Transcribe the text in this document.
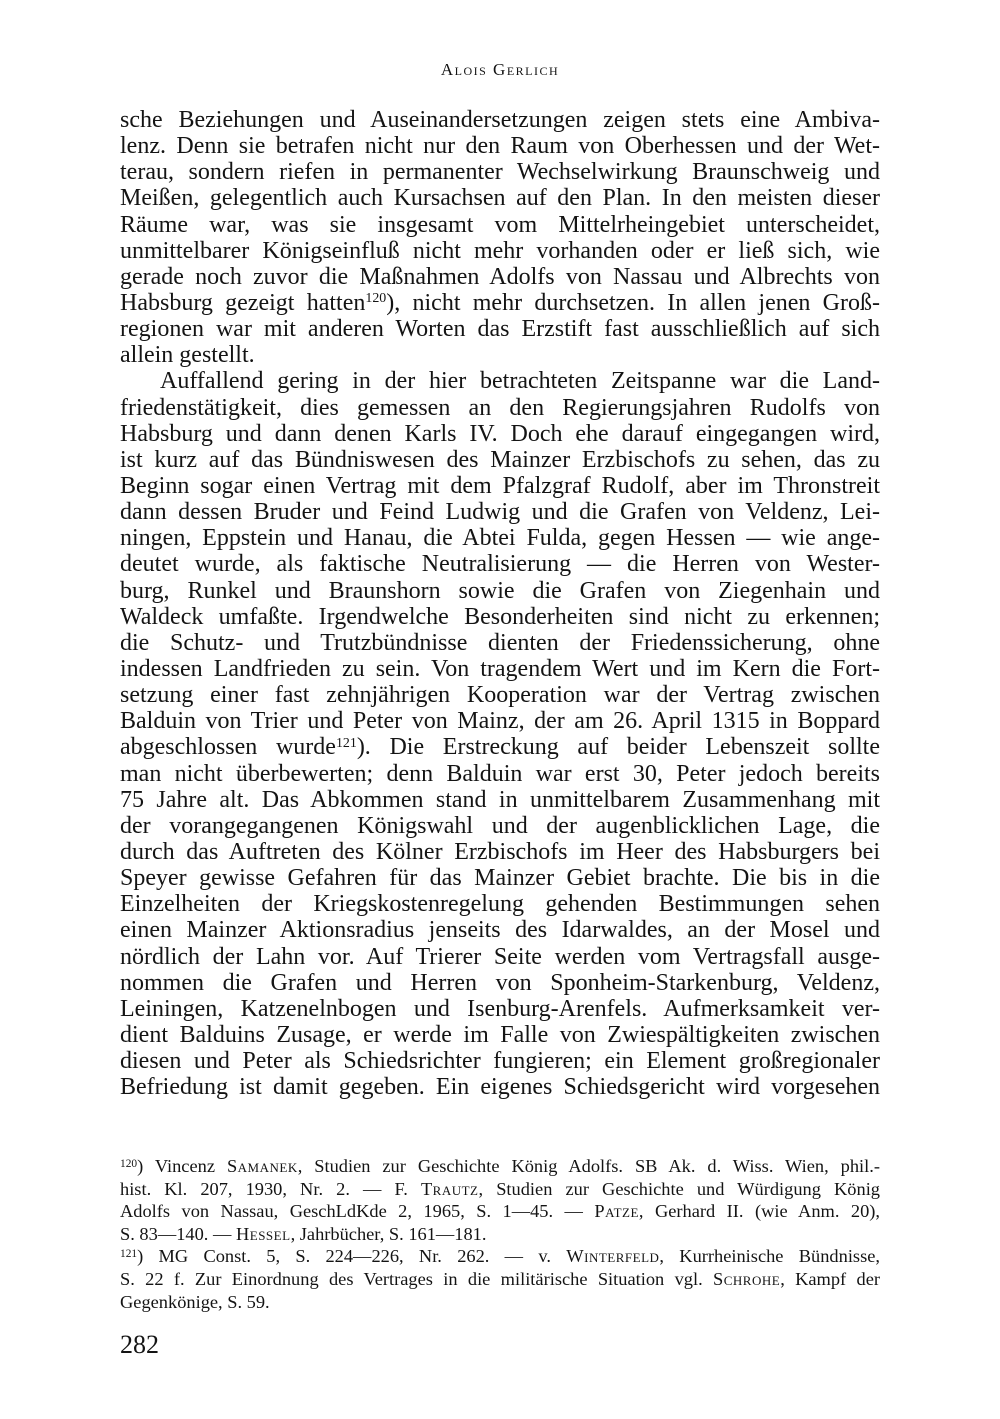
Alois Gerlich
sche Beziehungen und Auseinandersetzungen zeigen stets eine Ambiva-
lenz. Denn sie betrafen nicht nur den Raum von Oberhessen und der Wet-
terau, sondern riefen in permanenter Wechselwirkung Braunschweig und
Meißen, gelegentlich auch Kursachsen auf den Plan. In den meisten dieser
Räume war, was sie insgesamt vom Mittelrheingebiet unterscheidet,
unmittelbarer Königseinfluß nicht mehr vorhanden oder er ließ sich, wie
gerade noch zuvor die Maßnahmen Adolfs von Nassau und Albrechts von
Habsburg gezeigt hatten$^{120}$), nicht mehr durchsetzen. In allen jenen Groß-
regionen war mit anderen Worten das Erzstift fast ausschließlich auf sich
allein gestellt.
Auffallend gering in der hier betrachteten Zeitspanne war die Land-
friedenstätigkeit, dies gemessen an den Regierungsjahren Rudolfs von
Habsburg und dann denen Karls IV. Doch ehe darauf eingegangen wird,
ist kurz auf das Bündniswesen des Mainzer Erzbischofs zu sehen, das zu
Beginn sogar einen Vertrag mit dem Pfalzgraf Rudolf, aber im Thronstreit
dann dessen Bruder und Feind Ludwig und die Grafen von Veldenz, Lei-
ningen, Eppstein und Hanau, die Abtei Fulda, gegen Hessen — wie ange-
deutet wurde, als faktische Neutralisierung — die Herren von Wester-
burg, Runkel und Braunshorn sowie die Grafen von Ziegenhain und
Waldeck umfaßte. Irgendwelche Besonderheiten sind nicht zu erkennen;
die Schutz- und Trutzbündnisse dienten der Friedenssicherung, ohne
indessen Landfrieden zu sein. Von tragendem Wert und im Kern die Fort-
setzung einer fast zehnjährigen Kooperation war der Vertrag zwischen
Balduin von Trier und Peter von Mainz, der am 26. April 1315 in Boppard
abgeschlossen wurde$^{121}$). Die Erstreckung auf beider Lebenszeit sollte
man nicht überbewerten; denn Balduin war erst 30, Peter jedoch bereits
75 Jahre alt. Das Abkommen stand in unmittelbarem Zusammenhang mit
der vorangegangenen Königswahl und der augenblicklichen Lage, die
durch das Auftreten des Kölner Erzbischofs im Heer des Habsburgers bei
Speyer gewisse Gefahren für das Mainzer Gebiet brachte. Die bis in die
Einzelheiten der Kriegskostenregelung gehenden Bestimmungen sehen
einen Mainzer Aktionsradius jenseits des Idarwaldes, an der Mosel und
nördlich der Lahn vor. Auf Trierer Seite werden vom Vertragsfall ausge-
nommen die Grafen und Herren von Sponheim-Starkenburg, Veldenz,
Leiningen, Katzenelnbogen und Isenburg-Arenfels. Aufmerksamkeit ver-
dient Balduins Zusage, er werde im Falle von Zwiespältigkeiten zwischen
diesen und Peter als Schiedsrichter fungieren; ein Element großregionaler
Befriedung ist damit gegeben. Ein eigenes Schiedsgericht wird vorgesehen
$^{120}$) Vincenz Samanek, Studien zur Geschichte König Adolfs. SB Ak. d. Wiss. Wien, phil.-
hist. Kl. 207, 1930, Nr. 2. — F. Trautz, Studien zur Geschichte und Würdigung König
Adolfs von Nassau, GeschLdKde 2, 1965, S. 1—45. — Patze, Gerhard II. (wie Anm. 20),
S. 83—140. — Hessel, Jahrbücher, S. 161—181.
$^{121}$) MG Const. 5, S. 224—226, Nr. 262. — v. Winterfeld, Kurrheinische Bündnisse,
S. 22 f. Zur Einordnung des Vertrages in die militärische Situation vgl. Schrohe, Kampf der
Gegenkönige, S. 59.
282
